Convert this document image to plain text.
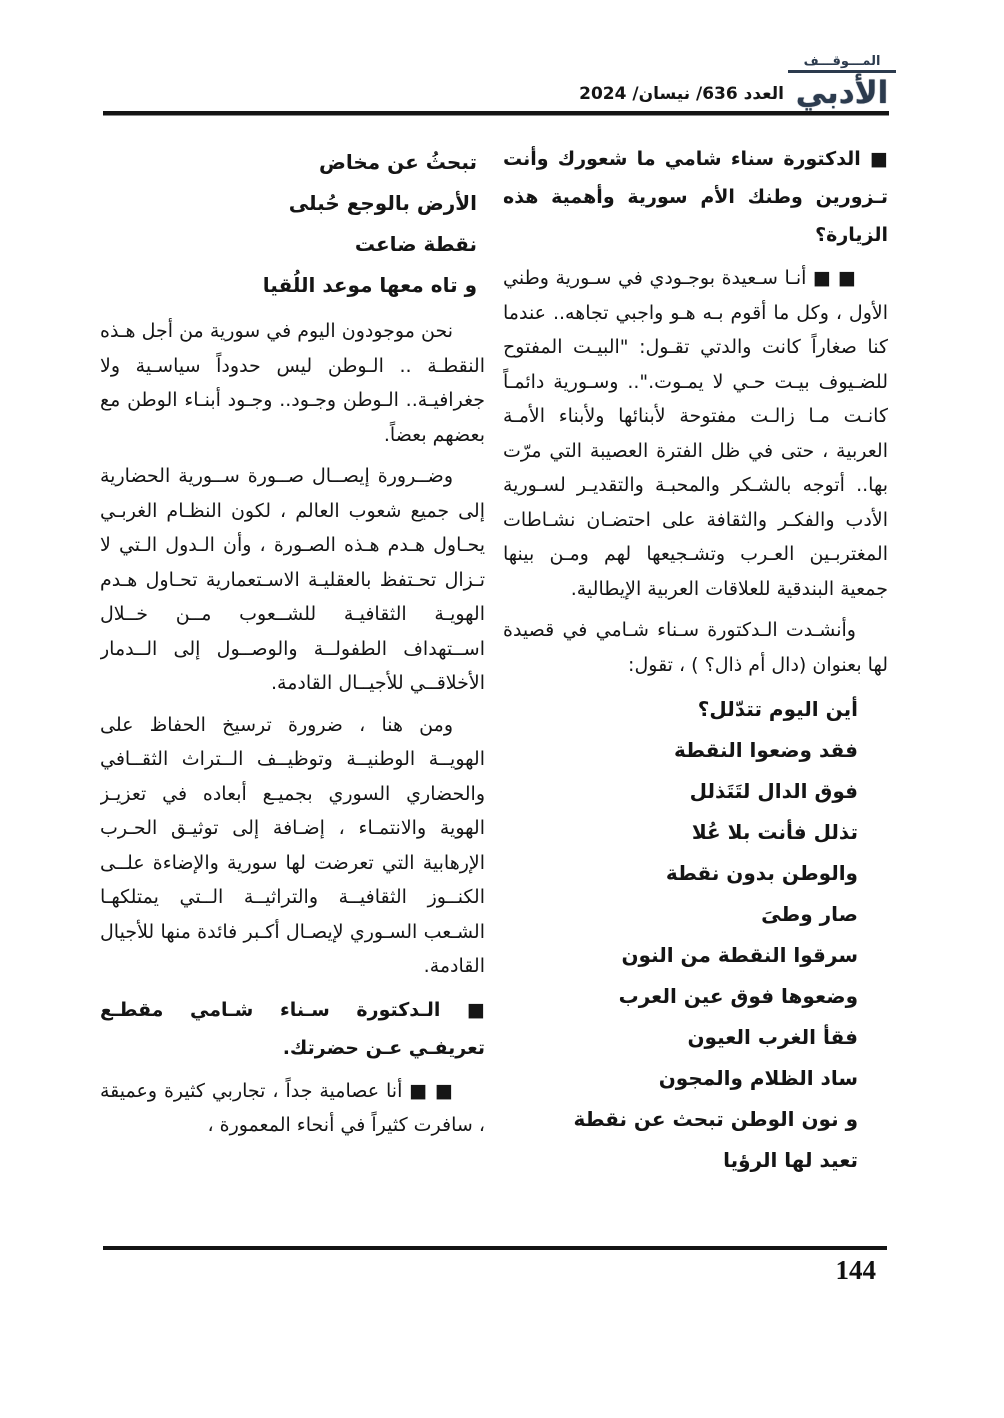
المـــوقـــف
الأدبي
العدد 636/ نيسان/ 2024

■ الدكتورة سناء شامي ما شعورك وأنت تـزورين وطنك الأم سورية وأهمية هذه الزيارة؟

■ ■ أنـا سـعيدة بوجـودي في سـورية وطني الأول ، وكل ما أقوم بـه هـو واجبي تجاهه.. عندما كنا صغاراً كانت والدتي تقـول: "البيـت المفتوح للضـيوف بيـت حـي لا يمـوت.".. وسـورية دائمـاً كانـت مـا زالـت مفتوحة لأبنائها ولأبناء الأمـة العربية ، حتى في ظل الفترة العصيبة التي مرّت بها.. أتوجه بالشـكر والمحبـة والتقديـر لسـورية الأدب والفكـر والثقافة على احتضـان نشـاطات المغتربـين العـرب وتشـجيعها لهم ومـن بينها جمعية البندقية للعلاقات العربية الإيطالية.

وأنشـدت الـدكتورة سـناء شـامي في قصيدة لها بعنوان (دال أم ذال؟ ) ، تقول:

أين اليوم تتدّلل؟
فقد وضعوا النقطة
فوق الدال لتَتَذلل
تذلل فأنت بلا عُلا
والوطن بدون نقطة
صار وطىَ
سرقوا النقطة من النون
وضعوها فوق عين العرب
فقأ الغرب العيون
ساد الظلام والمجون
و نون الوطن تبحث عن نقطة
تعيد لها الرؤيا
تبحثُ عن مخاض
الأرض بالوجع حُبلى
نقطة ضاعت
و تاه معها موعد اللُقيا

نحن موجودون اليوم في سورية من أجل هـذه النقطـة .. الـوطن ليس حدوداً سياسـية ولا جغرافيـة.. الـوطن وجـود.. وجـود أبنـاء الوطن مع بعضهم بعضاً.

وضــرورة إيصــال صــورة ســورية الحضارية إلى جميع شعوب العالم ، لكون النظـام الغربـي يحـاول هـدم هـذه الصـورة ، وأن الـدول الـتي لا تـزال تحـتفظ بالعقليـة الاسـتعمارية تحـاول هـدم الهويـة الثقافيـة للشــعوب مــن خــلال اســتهداف الطفولــة والوصــول إلى الــدمار الأخلاقــي للأجيــال القادمة.

ومن هنا ، ضرورة ترسيخ الحفاظ على الهويــة الوطنيــة وتوظيــف الــتراث الثقــافي والحضاري السوري بجميـع أبعاده في تعزيـز الهوية والانتمـاء ، إضـافة إلى توثيـق الحـرب الإرهابية التي تعرضت لها سورية والإضاءة علــى الكنــوز الثقافيــة والتراثيــة الــتي يمتلكهـا الشـعب السـوري لإيصـال أكـبر فائدة منها للأجيال القادمة.

■ الـدكتورة سـناء شـامي مقطـع تعريفـي عـن حضرتك.

■ ■ أنا عصامية جداً ، تجاربي كثيرة وعميقة ، سافرت كثيراً في أنحاء المعمورة ،

144
